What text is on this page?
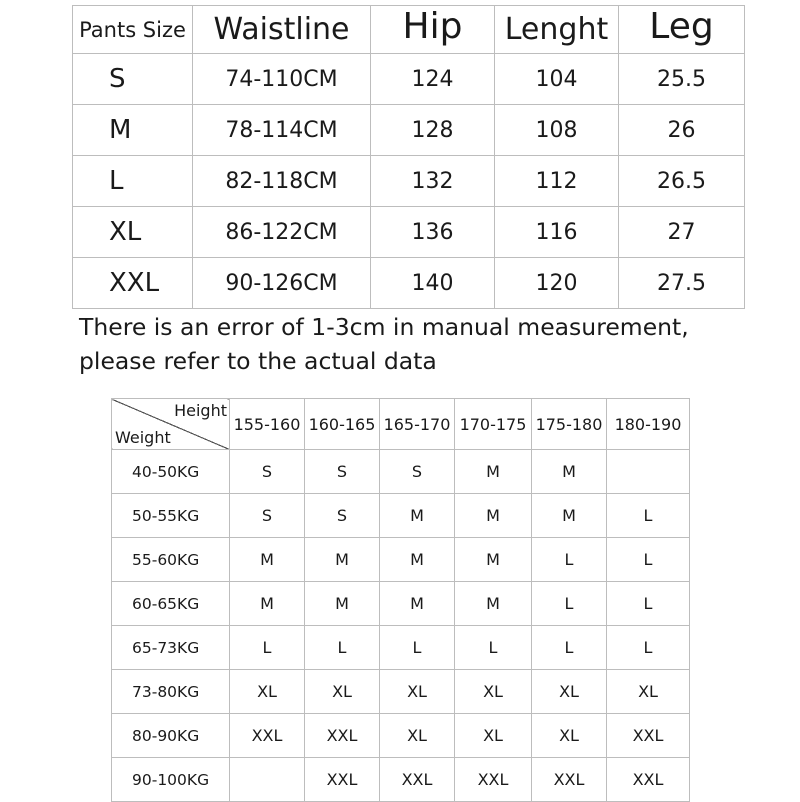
Pants Size	Waistline	Hip	Lenght	Leg
S	74-110CM	124	104	25.5
M	78-114CM	128	108	26
L	82-118CM	132	112	26.5
XL	86-122CM	136	116	27
XXL	90-126CM	140	120	27.5
There is an error of 1-3cm in manual measurement,
please refer to the actual data
Height
Weight	155-160	160-165	165-170	170-175	175-180	180-190
40-50KG	S	S	S	M	M	
50-55KG	S	S	M	M	M	L
55-60KG	M	M	M	M	L	L
60-65KG	M	M	M	M	L	L
65-73KG	L	L	L	L	L	L
73-80KG	XL	XL	XL	XL	XL	XL
80-90KG	XXL	XXL	XL	XL	XL	XXL
90-100KG		XXL	XXL	XXL	XXL	XXL
